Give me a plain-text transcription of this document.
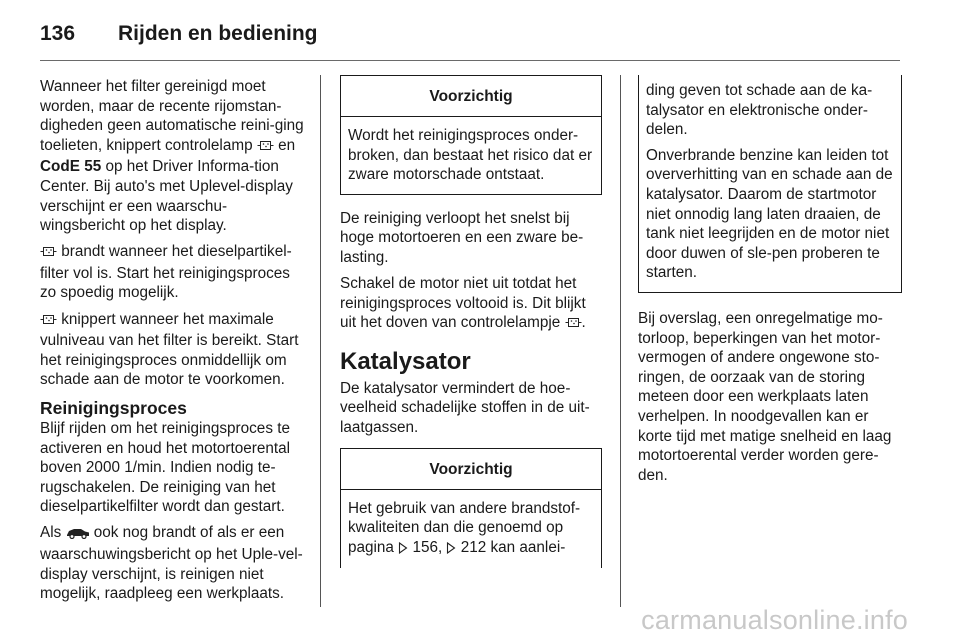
136	Rijden en bediening

Wanneer het filter gereinigd moet worden, maar de recente rijomstan-digheden geen automatische reini-ging toelieten, knippert controlelamp  en CodE 55 op het Driver Informa-tion Center. Bij auto's met Uplevel-display verschijnt er een waarschu-wingsbericht op het display.

brandt wanneer het dieselpartikel-filter vol is. Start het reinigingsproces zo spoedig mogelijk.

knippert wanneer het maximale vulniveau van het filter is bereikt. Start het reinigingsproces onmiddellijk om schade aan de motor te voorkomen.

Reinigingsproces

Blijf rijden om het reinigingsproces te activeren en houd het motortoerental boven 2000 1/min. Indien nodig te-rugschakelen. De reiniging van het dieselpartikelfilter wordt dan gestart.

Als  ook nog brandt of als er een waarschuwingsbericht op het Uple-vel-display verschijnt, is reinigen niet mogelijk, raadpleeg een werkplaats.

Voorzichtig
Wordt het reinigingsproces onder-broken, dan bestaat het risico dat er zware motorschade ontstaat.

De reiniging verloopt het snelst bij hoge motortoeren en een zware be-lasting.

Schakel de motor niet uit totdat het reinigingsproces voltooid is. Dit blijkt uit het doven van controlelampje .

Katalysator

De katalysator vermindert de hoe-veelheid schadelijke stoffen in de uit-laatgassen.

Voorzichtig
Het gebruik van andere brandstof-kwaliteiten dan die genoemd op pagina  156,  212 kan aanlei-

ding geven tot schade aan de ka-talysator en elektronische onder-delen.

Onverbrande benzine kan leiden tot oververhitting van en schade aan de katalysator. Daarom de startmotor niet onnodig lang laten draaien, de tank niet leegrijden en de motor niet door duwen of sle-pen proberen te starten.

Bij overslag, een onregelmatige mo-torloop, beperkingen van het motor-vermogen of andere ongewone sto-ringen, de oorzaak van de storing meteen door een werkplaats laten verhelpen. In noodgevallen kan er korte tijd met matige snelheid en laag motortoerental verder worden gere-den.

carmanualsonline.info
